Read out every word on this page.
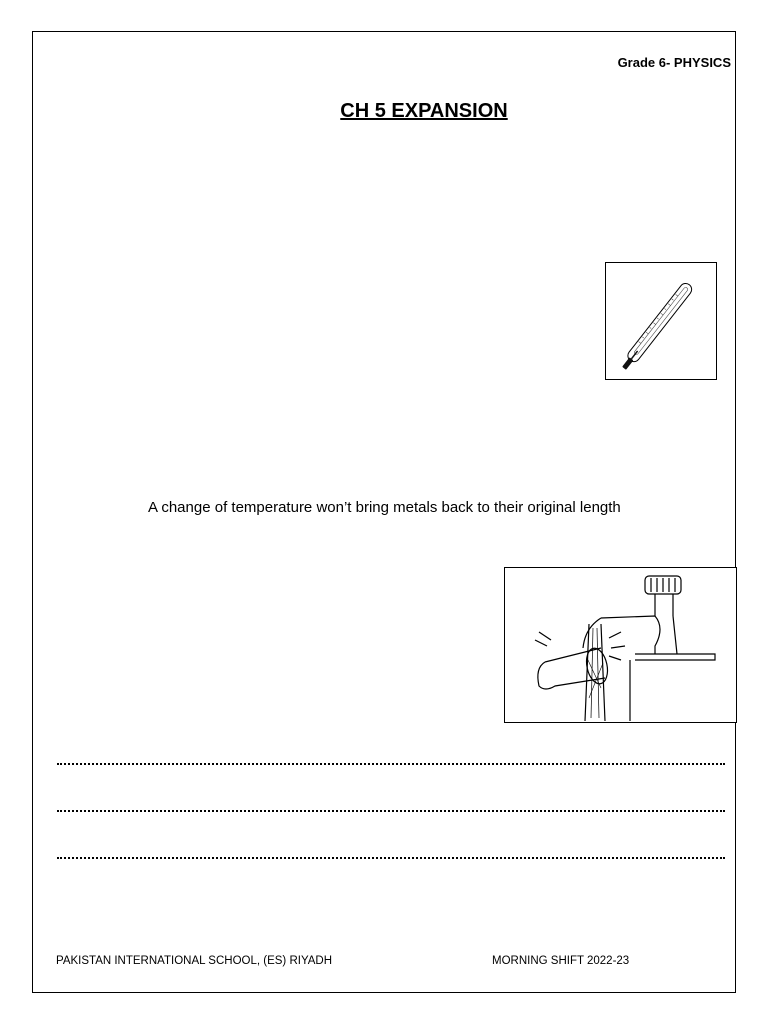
Grade 6- PHYSICS
CH 5 EXPANSION
A change of temperature won’t bring metals back to their original length
PAKISTAN INTERNATIONAL SCHOOL, (ES) RIYADH	MORNING SHIFT 2022-23
